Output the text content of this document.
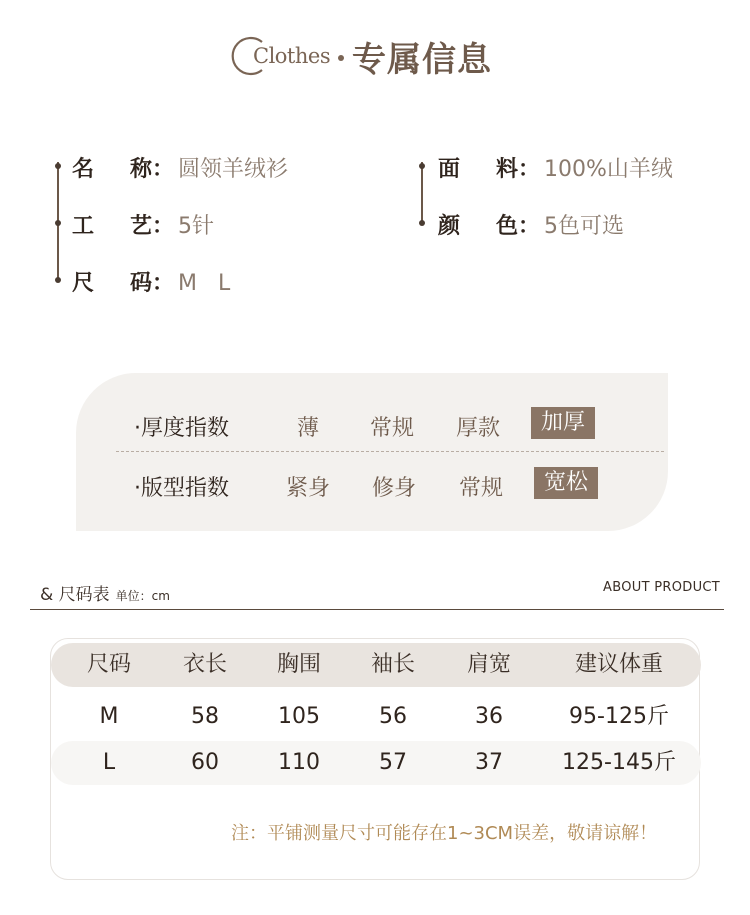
Clothes 专属信息
名 称： 圆领羊绒衫
工 艺： 5针
尺 码： M   L
面 料： 100%山羊绒
颜 色： 5色可选
·厚度指数	薄 常规 厚款	加厚
·版型指数	紧身 修身 常规	宽松
& 尺码表 单位：cm
ABOUT PRODUCT
尺码	衣长	胸围	袖长	肩宽	建议体重
M	58	105	56	36	95-125斤
L	60	110	57	37	125-145斤
注：平铺测量尺寸可能存在1~3CM误差，敬请谅解！
